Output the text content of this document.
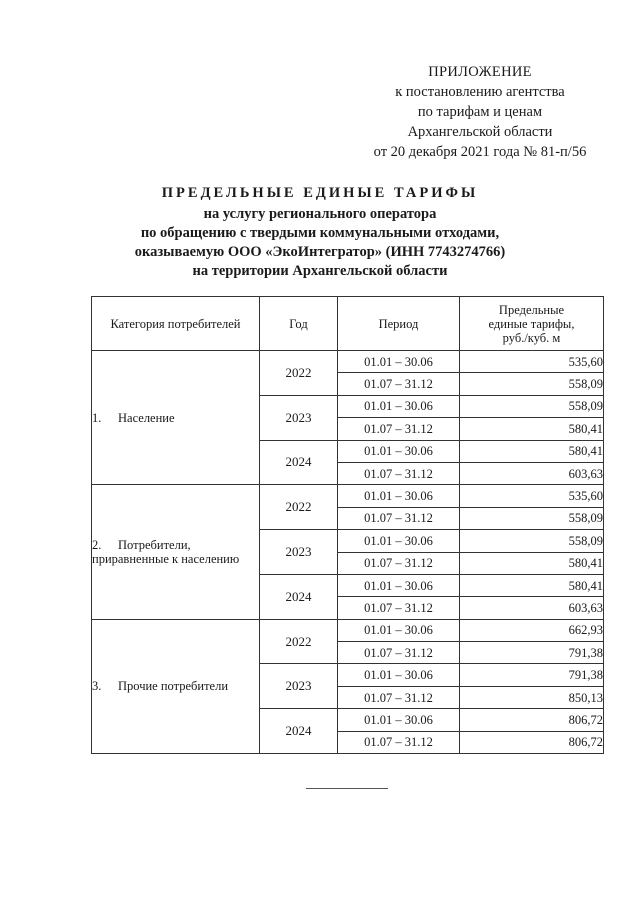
ПРИЛОЖЕНИЕ
к постановлению агентства
по тарифам и ценам
Архангельской области
от 20 декабря 2021 года № 81-п/56
ПРЕДЕЛЬНЫЕ ЕДИНЫЕ ТАРИФЫ
на услугу регионального оператора
по обращению с твердыми коммунальными отходами,
оказываемую ООО «ЭкоИнтегратор» (ИНН 7743274766)
на территории Архангельской области
Категория потребителей	Год	Период	Предельные
единые тарифы,
руб./куб. м

1. Население	2022	01.01 – 30.06	535,60
		01.07 – 31.12	558,09
	2023	01.01 – 30.06	558,09
		01.07 – 31.12	580,41
	2024	01.01 – 30.06	580,41
		01.07 – 31.12	603,63
2. Потребители,
приравненные к населению	2022	01.01 – 30.06	535,60
		01.07 – 31.12	558,09
	2023	01.01 – 30.06	558,09
		01.07 – 31.12	580,41
	2024	01.01 – 30.06	580,41
		01.07 – 31.12	603,63
3. Прочие потребители	2022	01.01 – 30.06	662,93
		01.07 – 31.12	791,38
	2023	01.01 – 30.06	791,38
		01.07 – 31.12	850,13
	2024	01.01 – 30.06	806,72
		01.07 – 31.12	806,72
